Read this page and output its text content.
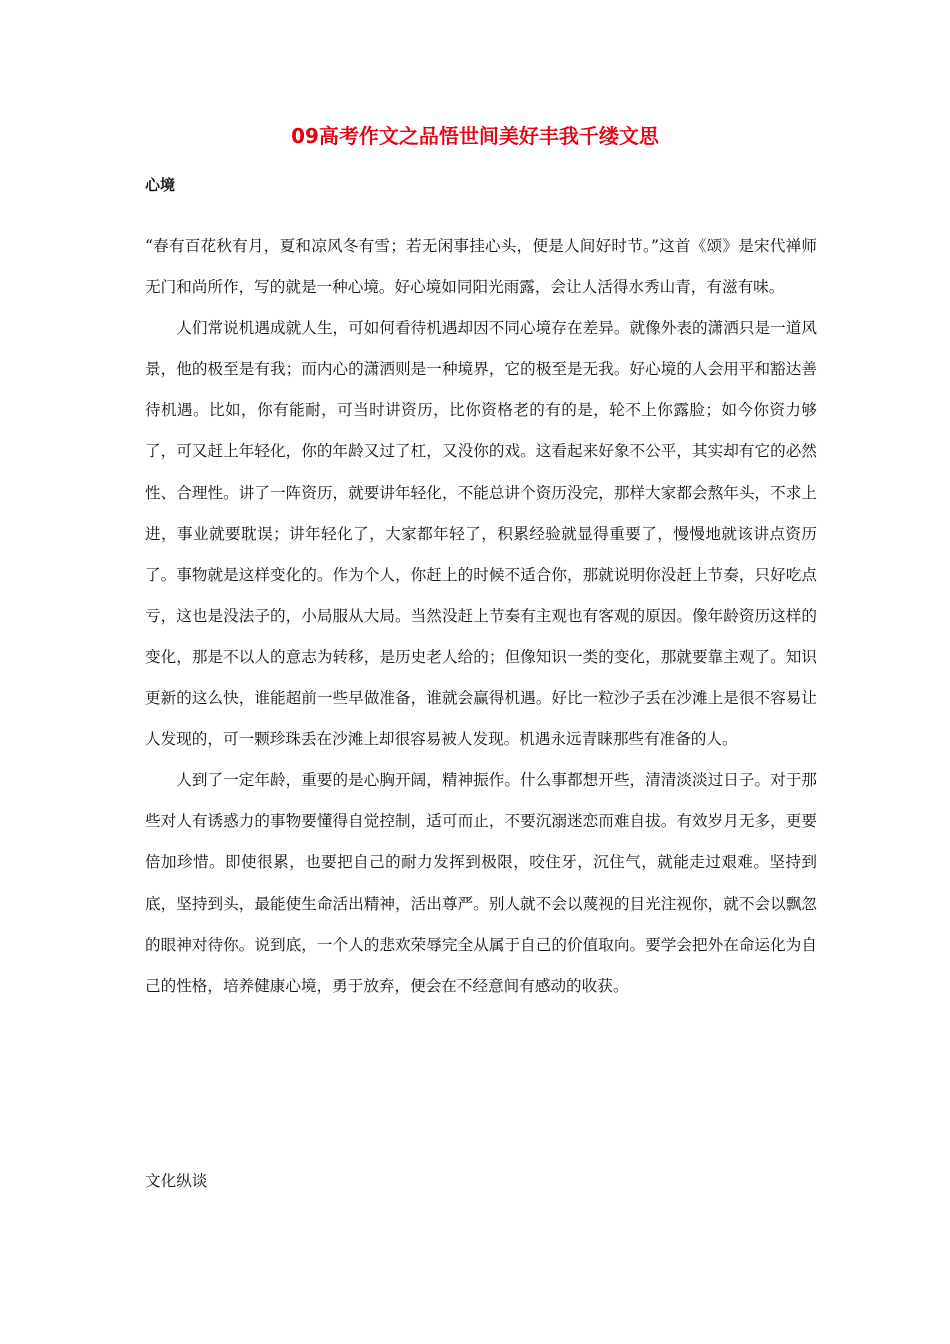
09高考作文之品悟世间美好丰我千缕文思
心境

“春有百花秋有月，夏和凉风冬有雪；若无闲事挂心头，便是人间好时节。”这首《颂》是宋代禅师无门和尚所作，写的就是一种心境。好心境如同阳光雨露，会让人活得水秀山青，有滋有味。

人们常说机遇成就人生，可如何看待机遇却因不同心境存在差异。就像外表的潇洒只是一道风景，他的极至是有我；而内心的潇洒则是一种境界，它的极至是无我。好心境的人会用平和豁达善待机遇。比如，你有能耐，可当时讲资历，比你资格老的有的是，轮不上你露脸；如今你资力够了，可又赶上年轻化，你的年龄又过了杠，又没你的戏。这看起来好象不公平，其实却有它的必然性、合理性。讲了一阵资历，就要讲年轻化，不能总讲个资历没完，那样大家都会熬年头，不求上进，事业就要耽误；讲年轻化了，大家都年轻了，积累经验就显得重要了，慢慢地就该讲点资历了。事物就是这样变化的。作为个人，你赶上的时候不适合你，那就说明你没赶上节奏，只好吃点亏，这也是没法子的，小局服从大局。当然没赶上节奏有主观也有客观的原因。像年龄资历这样的变化，那是不以人的意志为转移，是历史老人给的；但像知识一类的变化，那就要靠主观了。知识更新的这么快，谁能超前一些早做准备，谁就会赢得机遇。好比一粒沙子丢在沙滩上是很不容易让人发现的，可一颗珍珠丢在沙滩上却很容易被人发现。机遇永远青睐那些有准备的人。

人到了一定年龄，重要的是心胸开阔，精神振作。什么事都想开些，清清淡淡过日子。对于那些对人有诱惑力的事物要懂得自觉控制，适可而止，不要沉溺迷恋而难自拔。有效岁月无多，更要倍加珍惜。即使很累，也要把自己的耐力发挥到极限，咬住牙，沉住气，就能走过艰难。坚持到底，坚持到头，最能使生命活出精神，活出尊严。别人就不会以蔑视的目光注视你，就不会以飘忽的眼神对待你。说到底，一个人的悲欢荣辱完全从属于自己的价值取向。要学会把外在命运化为自己的性格，培养健康心境，勇于放弃，便会在不经意间有感动的收获。

文化纵谈
